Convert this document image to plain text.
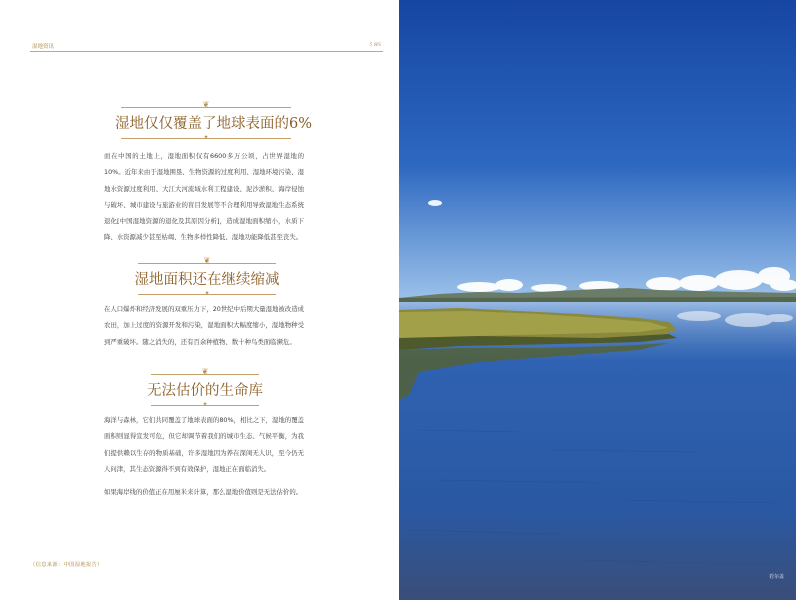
湿地资讯	5 WS
❦
湿地仅仅覆盖了地球表面的6%
✦

而在中国的土地上，湿地面积仅有6600多万公顷，占世界湿地的10%。近年来由于湿地围垦、生物资源的过度利用、湿地环境污染、湿地水资源过度利用、大江大河流域水利工程建设、泥沙淤积、海岸侵蚀与破坏、城市建设与旅游业的盲目发展等不合理利用导致湿地生态系统退化[中国湿地资源的退化及其原因分析]，造成湿地面积缩小，水质下降、水资源减少甚至枯竭、生物多样性降低、湿地功能降低甚至丧失。

❦
湿地面积还在继续缩减
✦

在人口爆炸和经济发展的双重压力下，20世纪中后期大量湿地被改造成农田，加上过度的资源开发和污染，湿地面积大幅度缩小，湿地物种受到严重破坏。随之消失的，还有百余种植物、数十种鸟类面临濒危。

❦
无法估价的生命库
✦

海洋与森林，它们共同覆盖了地球表面的80%，相比之下，湿地的覆盖面积则显得宣发可危，但它却调节着我们的城市生态、气候平衡，为我们提供赖以生存的物质基础，许多湿地因为养在深闺无人识，至今仍无人问津，其生态资源得不到有效保护，湿地正在面临消失。

如果海岸线的价值正在用厘米来计算，那么湿地价值则是无法估价的。

（信息来源：中国湿地报告）
若尔盖
